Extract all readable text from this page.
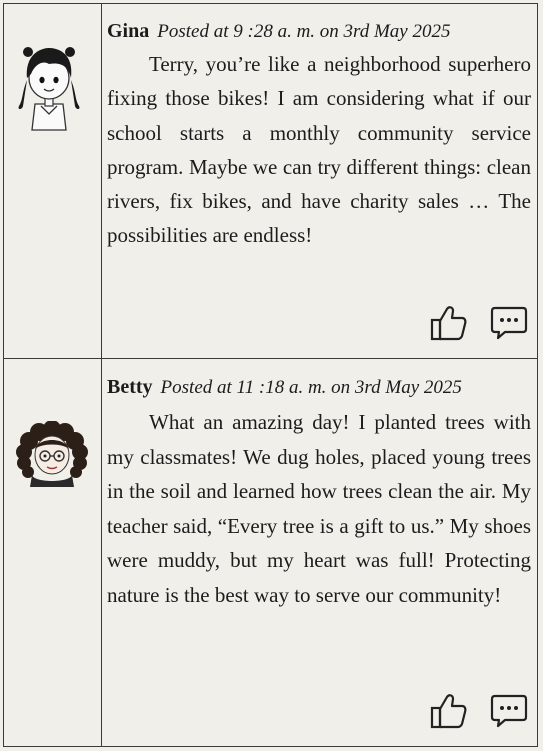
Gina Posted at 9 :28 a. m. on 3rd May 2025

Terry, you’re like a neighborhood superhero fixing those bikes! I am considering what if our school starts a monthly community service program. Maybe we can try different things: clean rivers, fix bikes, and have charity sales … The possibilities are endless!

Betty Posted at 11 :18 a. m. on 3rd May 2025

What an amazing day! I planted trees with my classmates! We dug holes, placed young trees in the soil and learned how trees clean the air. My teacher said, “Every tree is a gift to us.” My shoes were muddy, but my heart was full! Protecting nature is the best way to serve our community!
